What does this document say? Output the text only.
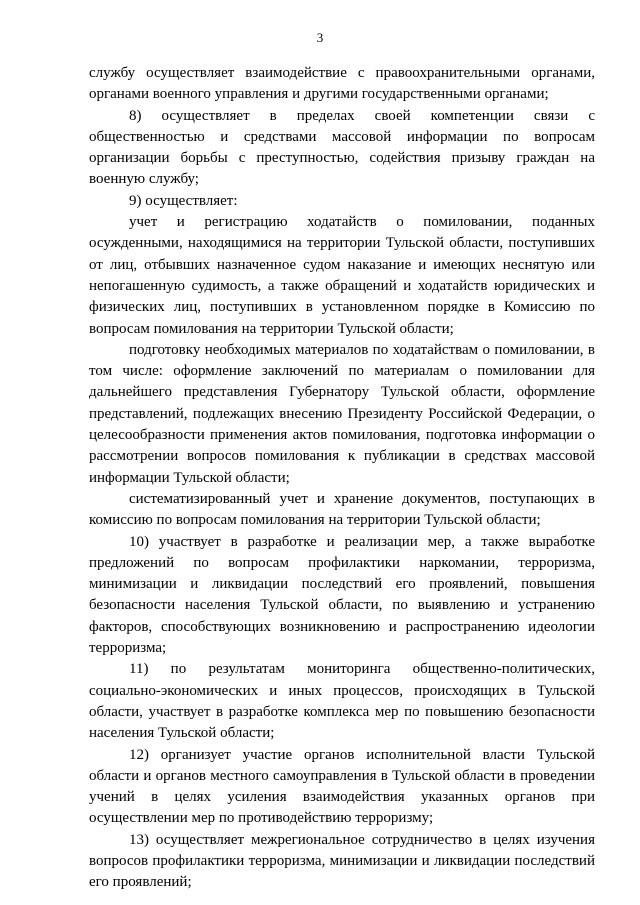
3

службу осуществляет взаимодействие с правоохранительными органами, органами военного управления и другими государственными органами;

8) осуществляет в пределах своей компетенции связи с общественностью и средствами массовой информации по вопросам организации борьбы с преступностью, содействия призыву граждан на военную службу;

9) осуществляет:

учет и регистрацию ходатайств о помиловании, поданных осужденными, находящимися на территории Тульской области, поступивших от лиц, отбывших назначенное судом наказание и имеющих неснятую или непогашенную судимость, а также обращений и ходатайств юридических и физических лиц, поступивших в установленном порядке в Комиссию по вопросам помилования на территории Тульской области;

подготовку необходимых материалов по ходатайствам о помиловании, в том числе: оформление заключений по материалам о помиловании для дальнейшего представления Губернатору Тульской области, оформление представлений, подлежащих внесению Президенту Российской Федерации, о целесообразности применения актов помилования, подготовка информации о рассмотрении вопросов помилования к публикации в средствах массовой информации Тульской области;

систематизированный учет и хранение документов, поступающих в комиссию по вопросам помилования на территории Тульской области;

10) участвует в разработке и реализации мер, а также выработке предложений по вопросам профилактики наркомании, терроризма, минимизации и ликвидации последствий его проявлений, повышения безопасности населения Тульской области, по выявлению и устранению факторов, способствующих возникновению и распространению идеологии терроризма;

11) по результатам мониторинга общественно-политических, социально-экономических и иных процессов, происходящих в Тульской области, участвует в разработке комплекса мер по повышению безопасности населения Тульской области;

12) организует участие органов исполнительной власти Тульской области и органов местного самоуправления в Тульской области в проведении учений в целях усиления взаимодействия указанных органов при осуществлении мер по противодействию терроризму;

13) осуществляет межрегиональное сотрудничество в целях изучения вопросов профилактики терроризма, минимизации и ликвидации последствий его проявлений;
